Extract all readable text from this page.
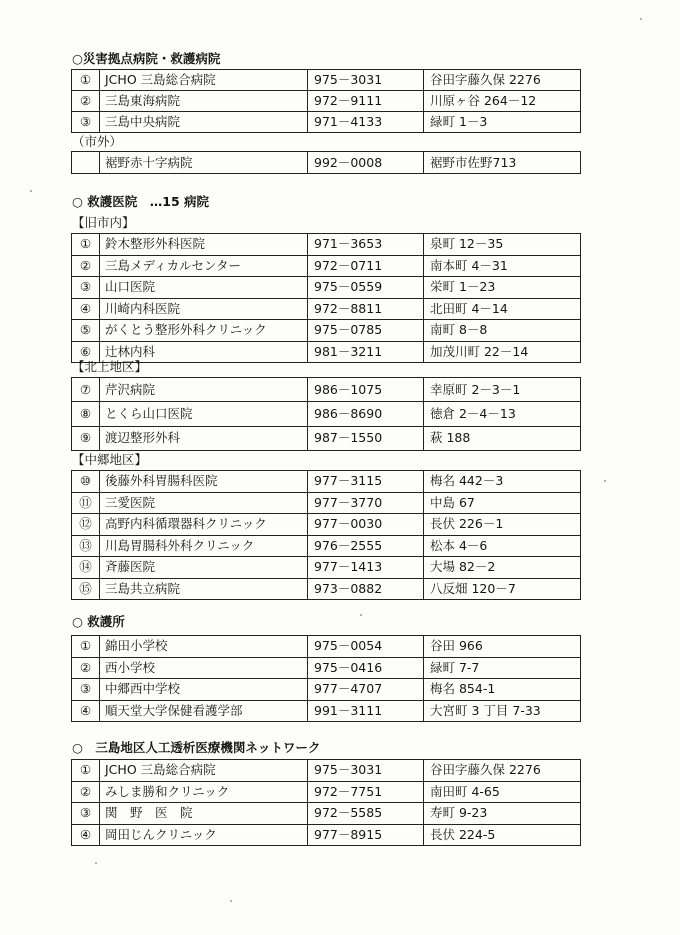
○災害拠点病院・救護病院
①	JCHO 三島総合病院	975－3031	谷田字藤久保 2276
②	三島東海病院	972－9111	川原ヶ谷 264－12
③	三島中央病院	971－4133	緑町 1－3
（市外）
	裾野赤十字病院	992－0008	裾野市佐野713
○ 救護医院　…15 病院
【旧市内】
①	鈴木整形外科医院	971－3653	泉町 12－35
②	三島メディカルセンター	972－0711	南本町 4－31
③	山口医院	975－0559	栄町 1－23
④	川崎内科医院	972－8811	北田町 4－14
⑤	がくとう整形外科クリニック	975－0785	南町 8－8
⑥	辻林内科	981－3211	加茂川町 22－14
【北上地区】
⑦	芹沢病院	986－1075	幸原町 2－3－1
⑧	とくら山口医院	986－8690	徳倉 2－4－13
⑨	渡辺整形外科	987－1550	萩 188
【中郷地区】
⑩	後藤外科胃腸科医院	977－3115	梅名 442－3
⑪	三愛医院	977－3770	中島 67
⑫	高野内科循環器科クリニック	977－0030	長伏 226－1
⑬	川島胃腸科外科クリニック	976－2555	松本 4－6
⑭	斉藤医院	977－1413	大場 82－2
⑮	三島共立病院	973－0882	八反畑 120－7
○ 救護所
①	錦田小学校	975－0054	谷田 966
②	西小学校	975－0416	緑町 7-7
③	中郷西中学校	977－4707	梅名 854-1
④	順天堂大学保健看護学部	991－3111	大宮町 3 丁目 7-33
○　三島地区人工透析医療機関ネットワーク
①	JCHO 三島総合病院	975－3031	谷田字藤久保 2276
②	みしま勝和クリニック	972－7751	南田町 4-65
③	関　野　医　院	972－5585	寿町 9-23
④	岡田じんクリニック	977－8915	長伏 224-5
